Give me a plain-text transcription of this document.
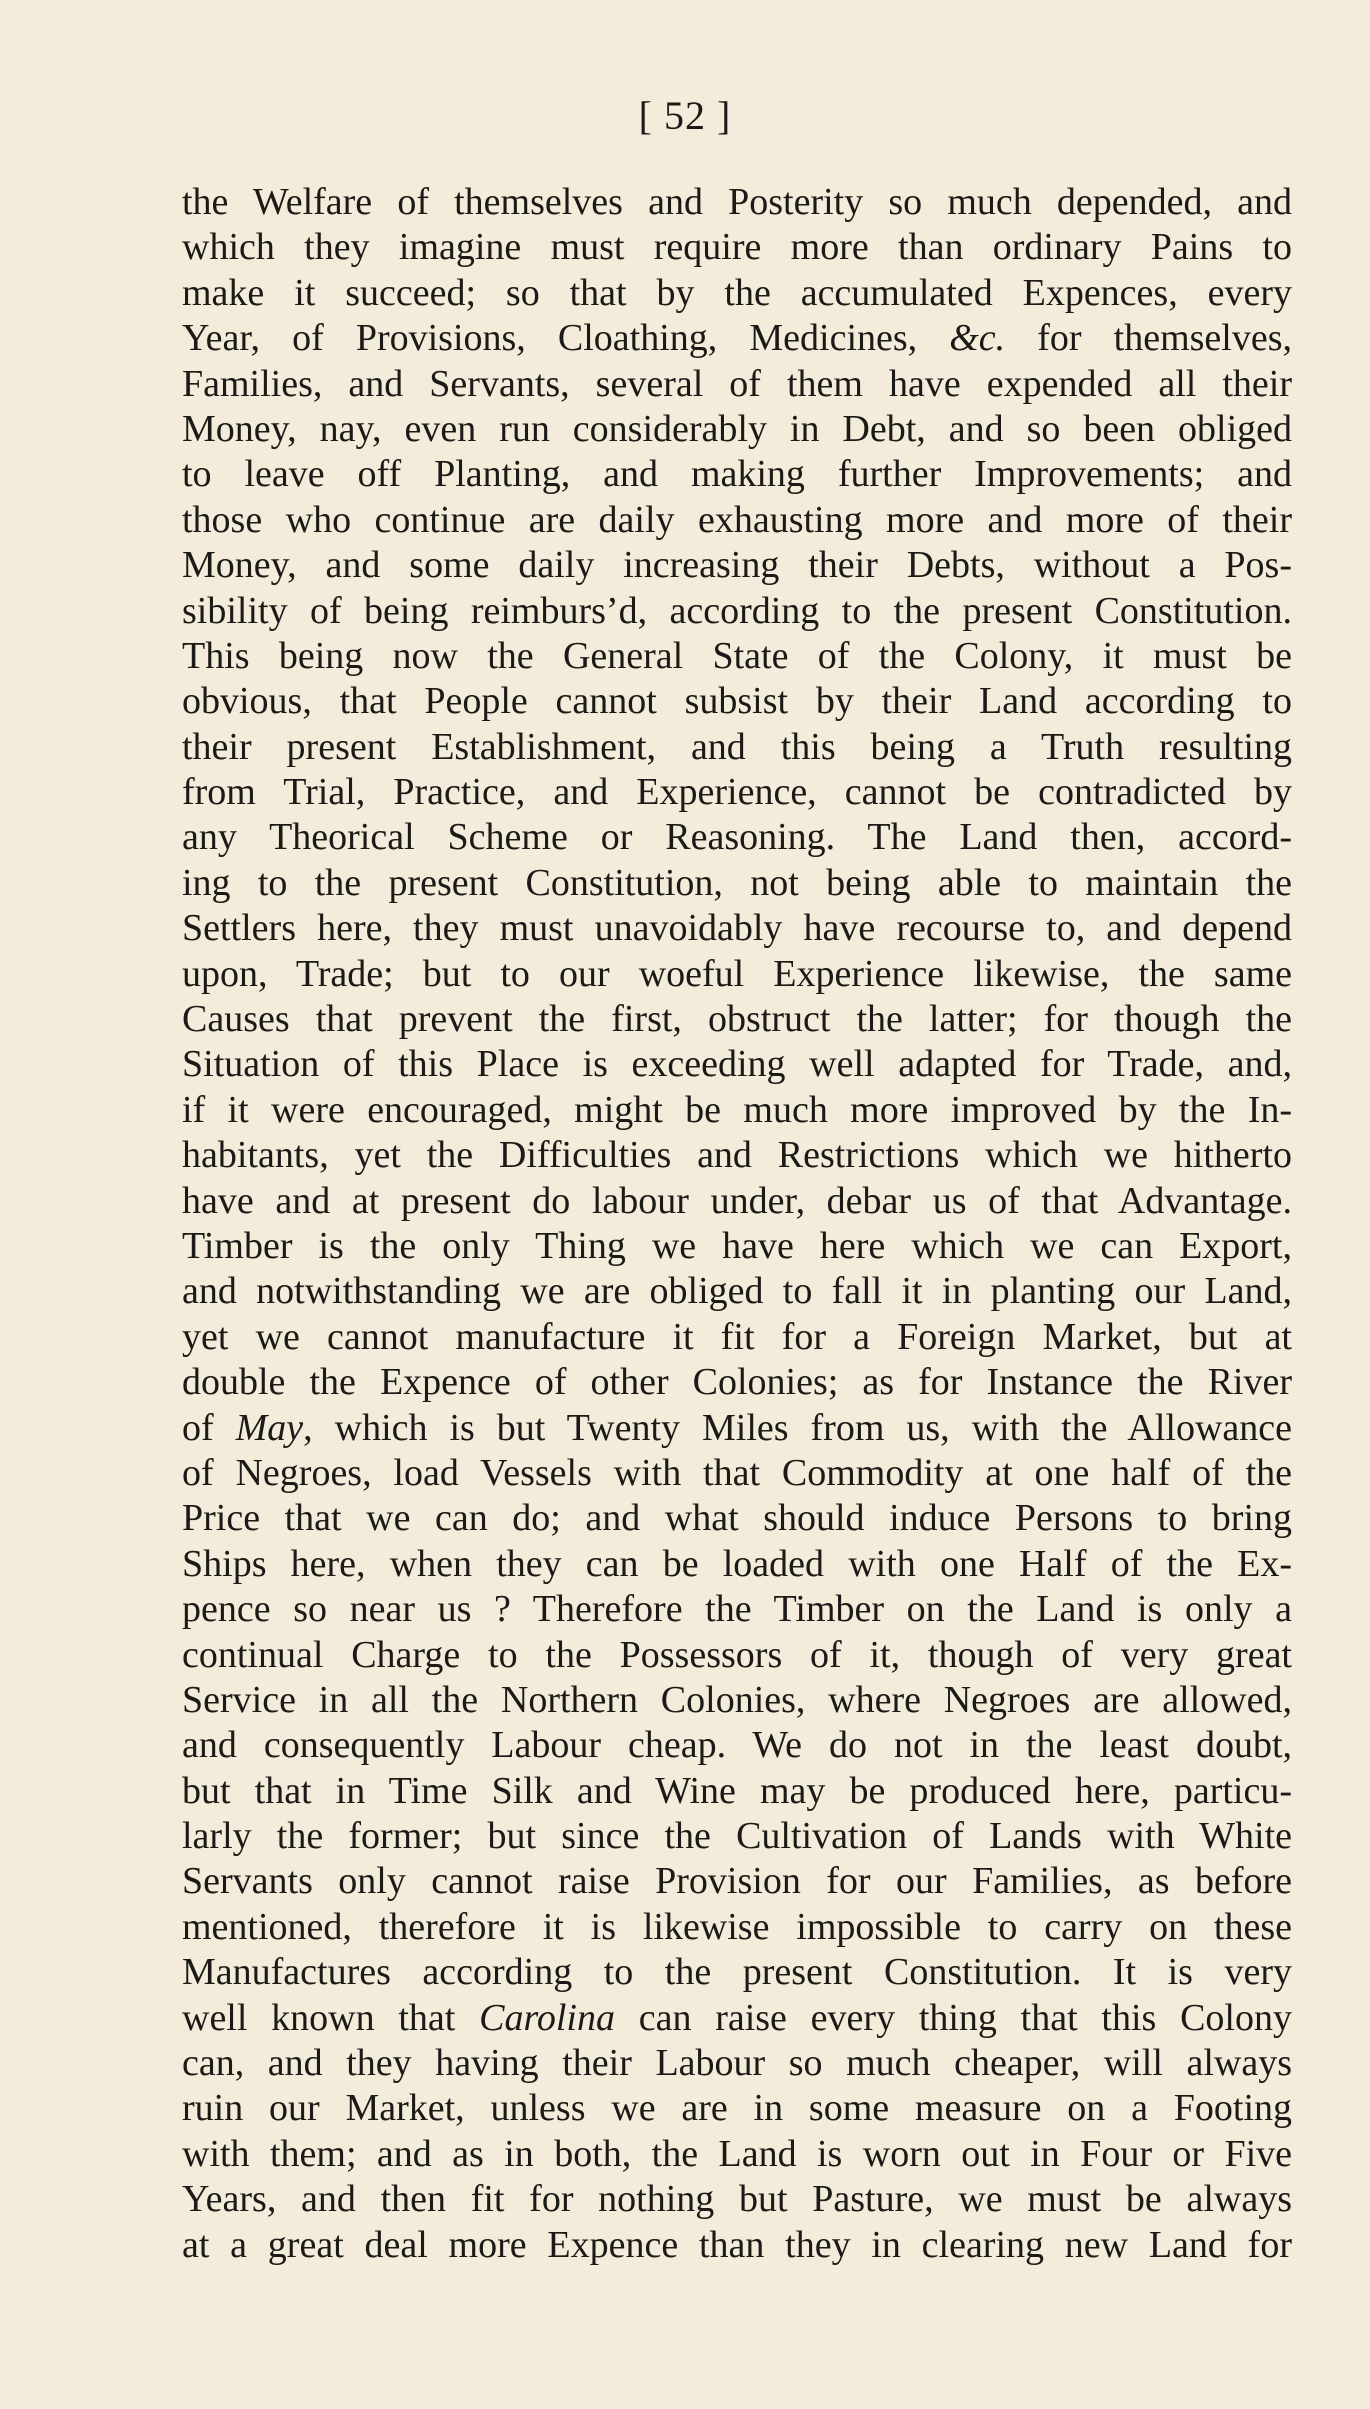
[ 52 ]
the Welfare of themselves and Posterity so much depended, and
which they imagine must require more than ordinary Pains to
make it succeed; so that by the accumulated Expences, every
Year, of Provisions, Cloathing, Medicines, &c. for themselves,
Families, and Servants, several of them have expended all their
Money, nay, even run considerably in Debt, and so been obliged
to leave off Planting, and making further Improvements; and
those who continue are daily exhausting more and more of their
Money, and some daily increasing their Debts, without a Pos-
sibility of being reimburs’d, according to the present Constitution.
This being now the General State of the Colony, it must be
obvious, that People cannot subsist by their Land according to
their present Establishment, and this being a Truth resulting
from Trial, Practice, and Experience, cannot be contradicted by
any Theorical Scheme or Reasoning. The Land then, accord-
ing to the present Constitution, not being able to maintain the
Settlers here, they must unavoidably have recourse to, and depend
upon, Trade; but to our woeful Experience likewise, the same
Causes that prevent the first, obstruct the latter; for though the
Situation of this Place is exceeding well adapted for Trade, and,
if it were encouraged, might be much more improved by the In-
habitants, yet the Difficulties and Restrictions which we hitherto
have and at present do labour under, debar us of that Advantage.
Timber is the only Thing we have here which we can Export,
and notwithstanding we are obliged to fall it in planting our Land,
yet we cannot manufacture it fit for a Foreign Market, but at
double the Expence of other Colonies; as for Instance the River
of May, which is but Twenty Miles from us, with the Allowance
of Negroes, load Vessels with that Commodity at one half of the
Price that we can do; and what should induce Persons to bring
Ships here, when they can be loaded with one Half of the Ex-
pence so near us ? Therefore the Timber on the Land is only a
continual Charge to the Possessors of it, though of very great
Service in all the Northern Colonies, where Negroes are allowed,
and consequently Labour cheap. We do not in the least doubt,
but that in Time Silk and Wine may be produced here, particu-
larly the former; but since the Cultivation of Lands with White
Servants only cannot raise Provision for our Families, as before
mentioned, therefore it is likewise impossible to carry on these
Manufactures according to the present Constitution. It is very
well known that Carolina can raise every thing that this Colony
can, and they having their Labour so much cheaper, will always
ruin our Market, unless we are in some measure on a Footing
with them; and as in both, the Land is worn out in Four or Five
Years, and then fit for nothing but Pasture, we must be always
at a great deal more Expence than they in clearing new Land for
